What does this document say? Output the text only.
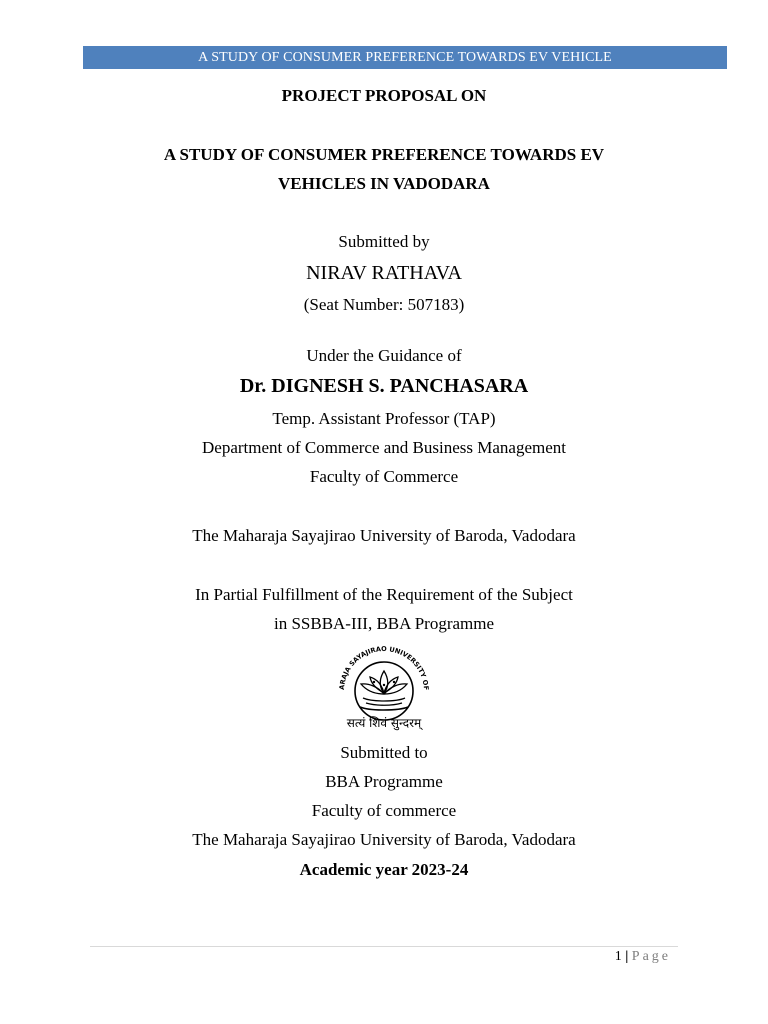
A STUDY OF CONSUMER PREFERENCE TOWARDS EV VEHICLE
PROJECT PROPOSAL ON
A STUDY OF CONSUMER PREFERENCE TOWARDS EV
VEHICLES IN VADODARA
Submitted by
NIRAV RATHAVA
(Seat Number: 507183)
Under the Guidance of
Dr. DIGNESH S. PANCHASARA
Temp. Assistant Professor (TAP)
Department of Commerce and Business Management
Faculty of Commerce
The Maharaja Sayajirao University of Baroda, Vadodara
In Partial Fulfillment of the Requirement of the Subject
in SSBBA-III, BBA Programme
ARAJA SAYAJIRAO UNIVERSITY OF
सत्यं शिवं सुन्दरम्
Submitted to
BBA Programme
Faculty of commerce
The Maharaja Sayajirao University of Baroda, Vadodara
Academic year 2023-24
1 | Page
